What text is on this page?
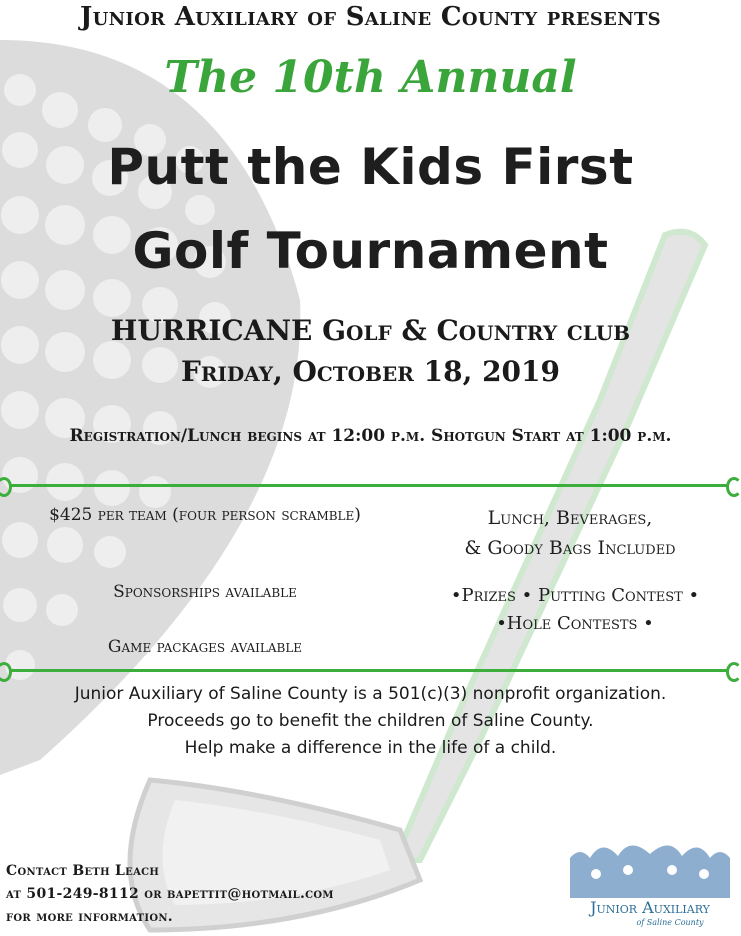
Junior Auxiliary of Saline County presents
The 10th Annual
Putt the Kids First
Golf Tournament
HURRICANE Golf & Country club
Friday, October 18, 2019
Registration/Lunch begins at 12:00 p.m. Shotgun Start at 1:00 p.m.
$425 per team (four person scramble)
Sponsorships available
Game packages available
Lunch, Beverages,
& Goody Bags Included
•Prizes • Putting Contest •
•Hole Contests •
Junior Auxiliary of Saline County is a 501(c)(3) nonprofit organization.
Proceeds go to benefit the children of Saline County.
Help make a difference in the life of a child.
Contact Beth Leach
at 501-249-8112 or bapettit@hotmail.com
for more information.	Junior Auxiliary
of Saline County
